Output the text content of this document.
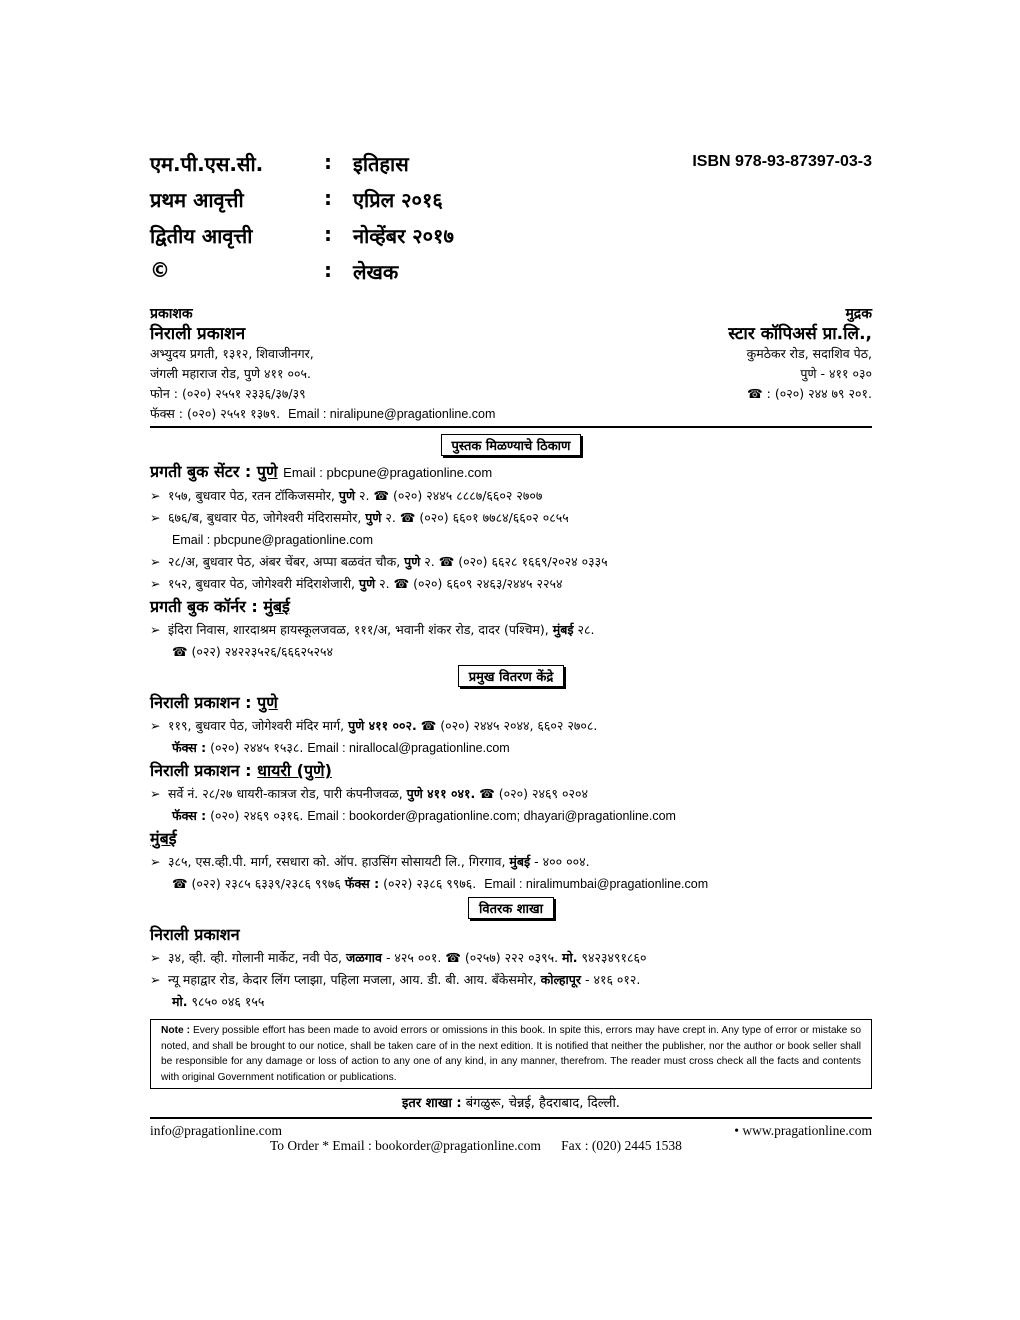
ISBN 978-93-87397-03-3
एम.पी.एस.सी.	: इतिहास
प्रथम आवृत्ती	: एप्रिल २०१६
द्वितीय आवृत्ती	: नोव्हेंबर २०१७
©	: लेखक
प्रकाशक
निराली प्रकाशन
अभ्युदय प्रगती, १३१२, शिवाजीनगर,
जंगली महाराज रोड, पुणे ४११ ००५.
फोन : (०२०) २५५१ २३३६/३७/३९
फॅक्स : (०२०) २५५१ १३७९. Email : niralipune@pragationline.com
मुद्रक
स्टार कॉपिअर्स प्रा.लि.,
कुमठेकर रोड, सदाशिव पेठ,
पुणे - ४११ ०३०
☎ : (०२०) २४४ ७९ २०१.
पुस्तक मिळण्याचे ठिकाण
प्रगती बुक सेंटर : पुणे Email : pbcpune@pragationline.com
➢ १५७, बुधवार पेठ, रतन टॉकिजसमोर, पुणे २. ☎ (०२०) २४४५ ८८८७/६६०२ २७०७
➢ ६७६/ब, बुधवार पेठ, जोगेश्वरी मंदिरासमोर, पुणे २. ☎ (०२०) ६६०१ ७७८४/६६०२ ०८५५
Email : pbcpune@pragationline.com
➢ २८/अ, बुधवार पेठ, अंबर चेंबर, अप्पा बळवंत चौक, पुणे २. ☎ (०२०) ६६२८ १६६९/२०२४ ०३३५
➢ १५२, बुधवार पेठ, जोगेश्वरी मंदिराशेजारी, पुणे २. ☎ (०२०) ६६०९ २४६३/२४४५ २२५४
प्रगती बुक कॉर्नर : मुंबई
➢ इंदिरा निवास, शारदाश्रम हायस्कूलजवळ, १११/अ, भवानी शंकर रोड, दादर (पश्चिम), मुंबई २८.
☎ (०२२) २४२२३५२६/६६६२५२५४
प्रमुख वितरण केंद्रे
निराली प्रकाशन : पुणे
➢ ११९, बुधवार पेठ, जोगेश्वरी मंदिर मार्ग, पुणे ४११ ००२. ☎ (०२०) २४४५ २०४४, ६६०२ २७०८.
फॅक्स : (०२०) २४४५ १५३८. Email : nirallocal@pragationline.com
निराली प्रकाशन : धायरी (पुणे)
➢ सर्वे नं. २८/२७ धायरी-कात्रज रोड, पारी कंपनीजवळ, पुणे ४११ ०४१. ☎ (०२०) २४६९ ०२०४
फॅक्स : (०२०) २४६९ ०३१६. Email : bookorder@pragationline.com; dhayari@pragationline.com
मुंबई
➢ ३८५, एस.व्ही.पी. मार्ग, रसधारा को. ऑप. हाउसिंग सोसायटी लि., गिरगाव, मुंबई - ४०० ००४.
☎ (०२२) २३८५ ६३३९/२३८६ ९९७६ फॅक्स : (०२२) २३८६ ९९७६. Email : niralimumbai@pragationline.com
वितरक शाखा
निराली प्रकाशन
➢ ३४, व्ही. व्ही. गोलानी मार्केट, नवी पेठ, जळगाव - ४२५ ००१. ☎ (०२५७) २२२ ०३९५. मो. ९४२३४९१८६०
➢ न्यू महाद्वार रोड, केदार लिंग प्लाझा, पहिला मजला, आय. डी. बी. आय. बँकेसमोर, कोल्हापूर - ४१६ ०१२.
मो. ९८५० ०४६ १५५
Note : Every possible effort has been made to avoid errors or omissions in this book. In spite this, errors may have crept in. Any type of error or mistake so noted, and shall be brought to our notice, shall be taken care of in the next edition. It is notified that neither the publisher, nor the author or book seller shall be responsible for any damage or loss of action to any one of any kind, in any manner, therefrom. The reader must cross check all the facts and contents with original Government notification or publications.
इतर शाखा : बंगळुरू, चेन्नई, हैदराबाद, दिल्ली.
info@pragationline.com	• www.pragationline.com
To Order * Email : bookorder@pragationline.com      Fax : (020) 2445 1538
